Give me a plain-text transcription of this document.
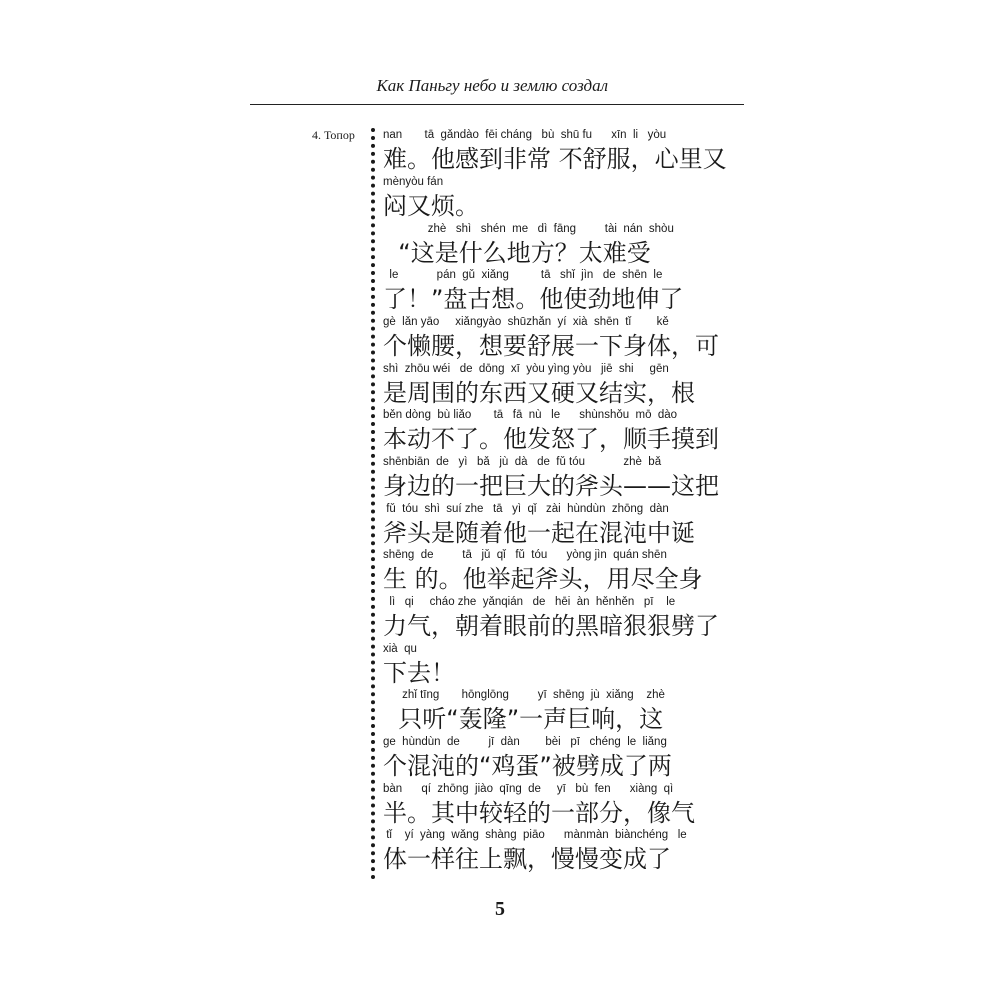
Как Паньгу небо и землю создал
4. Топор nan       tā  gǎndào  fēi cháng   bù  shū fu      xīn  li   yòu
难。他感到非常 不舒服，心里又
mènyòu fán
闷又烦。
zhè   shì   shén  me   dì  fāng         tài  nán  shòu
“这是什么地方？太难受
le            pán  gǔ  xiǎng          tā   shǐ  jìn   de  shēn  le
了！”盘古想。他使劲地伸了
gè  lǎn yāo     xiǎngyào  shūzhǎn  yí  xià  shēn  tǐ        kě
个懒腰，想要舒展一下身体，可
shì  zhōu wéi   de  dōng  xī  yòu yìng yòu   jiē  shi     gēn
是周围的东西又硬又结实，根
běn dòng  bù liǎo       tā   fā  nù   le      shùnshǒu  mō  dào
本动不了。他发怒了，顺手摸到
shēnbiān  de   yì   bǎ   jù  dà   de  fǔ tóu            zhè  bǎ
身边的一把巨大的斧头——这把
fǔ  tóu  shì  suí zhe   tā   yì  qǐ   zài  hùndùn  zhōng  dàn
斧头是随着他一起在混沌中诞
shēng  de         tā   jǔ  qǐ   fǔ  tóu      yòng jìn  quán shēn
生 的。他举起斧头，用尽全身
lì   qi     cháo zhe  yǎnqián   de   hēi  àn  hěnhěn   pī    le
力气，朝着眼前的黑暗狠狠劈了
xià  qu
下去！
zhǐ tīng       hōnglōng         yī  shēng  jù  xiǎng    zhè
只听“轰隆”一声巨响，这
ge  hùndùn  de         jī  dàn        bèi   pī   chéng  le  liǎng
个混沌的“鸡蛋”被劈成了两
bàn      qí  zhōng  jiào  qīng  de     yī   bù  fen      xiàng  qì
半。其中较轻的一部分，像气
tǐ    yí  yàng  wǎng  shàng  piāo      mànmàn  biànchéng   le
体一样往上飘，慢慢变成了
5
